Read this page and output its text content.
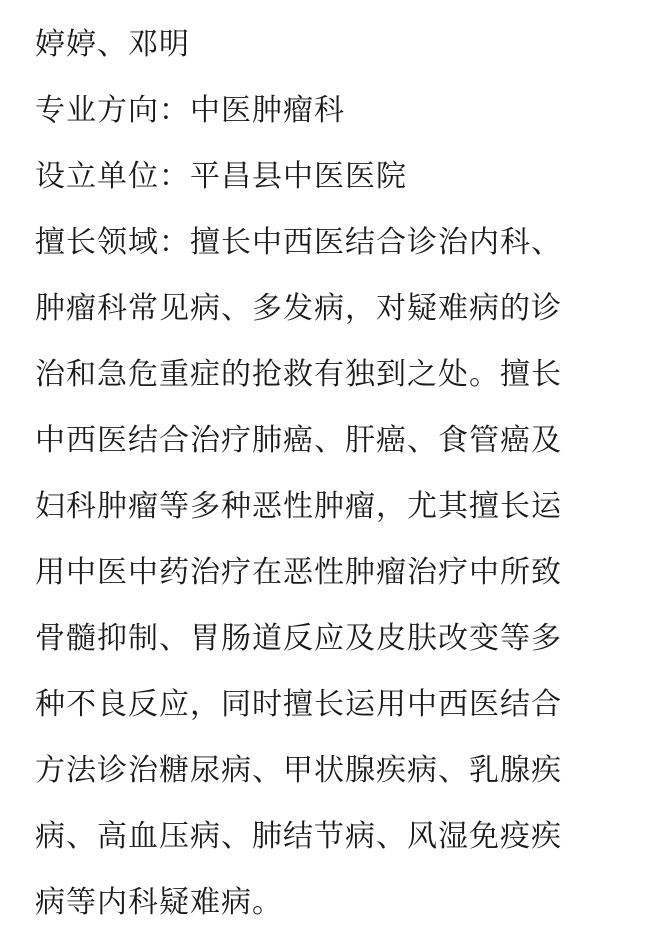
婷婷、邓明
专业方向：中医肿瘤科
设立单位：平昌县中医医院
擅长领域：擅长中西医结合诊治内科、
肿瘤科常见病、多发病，对疑难病的诊
治和急危重症的抢救有独到之处。擅长
中西医结合治疗肺癌、肝癌、食管癌及
妇科肿瘤等多种恶性肿瘤，尤其擅长运
用中医中药治疗在恶性肿瘤治疗中所致
骨髓抑制、胃肠道反应及皮肤改变等多
种不良反应，同时擅长运用中西医结合
方法诊治糖尿病、甲状腺疾病、乳腺疾
病、高血压病、肺结节病、风湿免疫疾
病等内科疑难病。
